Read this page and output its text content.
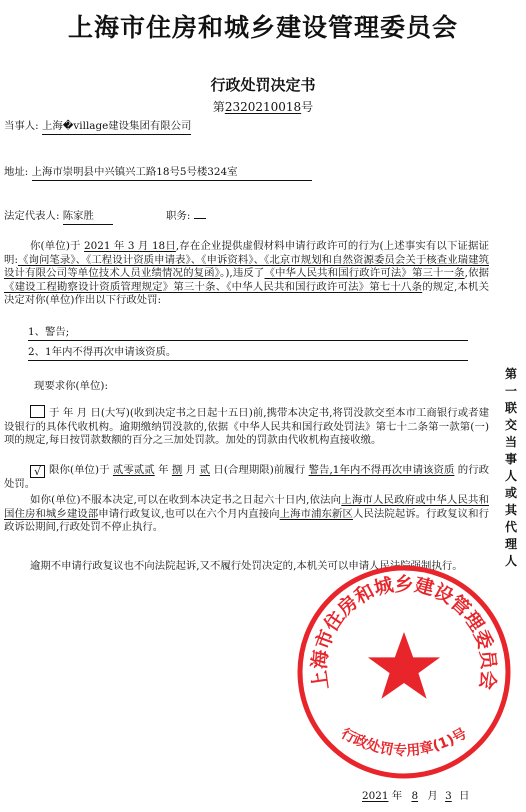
上海市住房和城乡建设管理委员会
行政处罚决定书
第2320210018号
当事人: 上海�village建设集团有限公司
地址: 上海市崇明县中兴镇兴工路18号5号楼324室
法定代表人: 陈家胜	职务:
你(单位)于 2021 年 3 月 18日,存在企业提供虚假材料申请行政许可的行为(上述事实有以下证据证明:《询问笔录》、《工程设计资质申请表》、《申诉资料》、《北京市规划和自然资源委员会关于核查业瑞建筑设计有限公司等单位技术人员业绩情况的复函》。),违反了《中华人民共和国行政许可法》第三十一条,依据《建设工程勘察设计资质管理规定》第三十条、《中华人民共和国行政许可法》第七十八条的规定,本机关决定对你(单位)作出以下行政处罚:
1、警告;
2、1年内不得再次申请该资质。
现要求你(单位):
于 年 月 日(大写)(收到决定书之日起十五日)前,携带本决定书,将罚没款交至本市工商银行或者建设银行的具体代收机构。逾期缴纳罚没款的,依据《中华人民共和国行政处罚法》第七十二条第一款第(一)项的规定,每日按罚款数额的百分之三加处罚款。加处的罚款由代收机构直接收缴。
√ 限你(单位)于 贰零贰贰 年 捌 月 贰 日(合理期限)前履行 警告,1年内不得再次申请该资质 的行政处罚。
如你(单位)不服本决定,可以在收到本决定书之日起六十日内,依法向上海市人民政府或中华人民共和国住房和城乡建设部申请行政复议,也可以在六个月内直接向上海市浦东新区人民法院起诉。行政复议和行政诉讼期间,行政处罚不停止执行。
逾期不申请行政复议也不向法院起诉,又不履行处罚决定的,本机关可以申请人民法院强制执行。
第一联 交当事人或其代理人
上海市住房和城乡建设管理委员会
行政处罚专用章(1)号
2021 年 8 月 3 日
